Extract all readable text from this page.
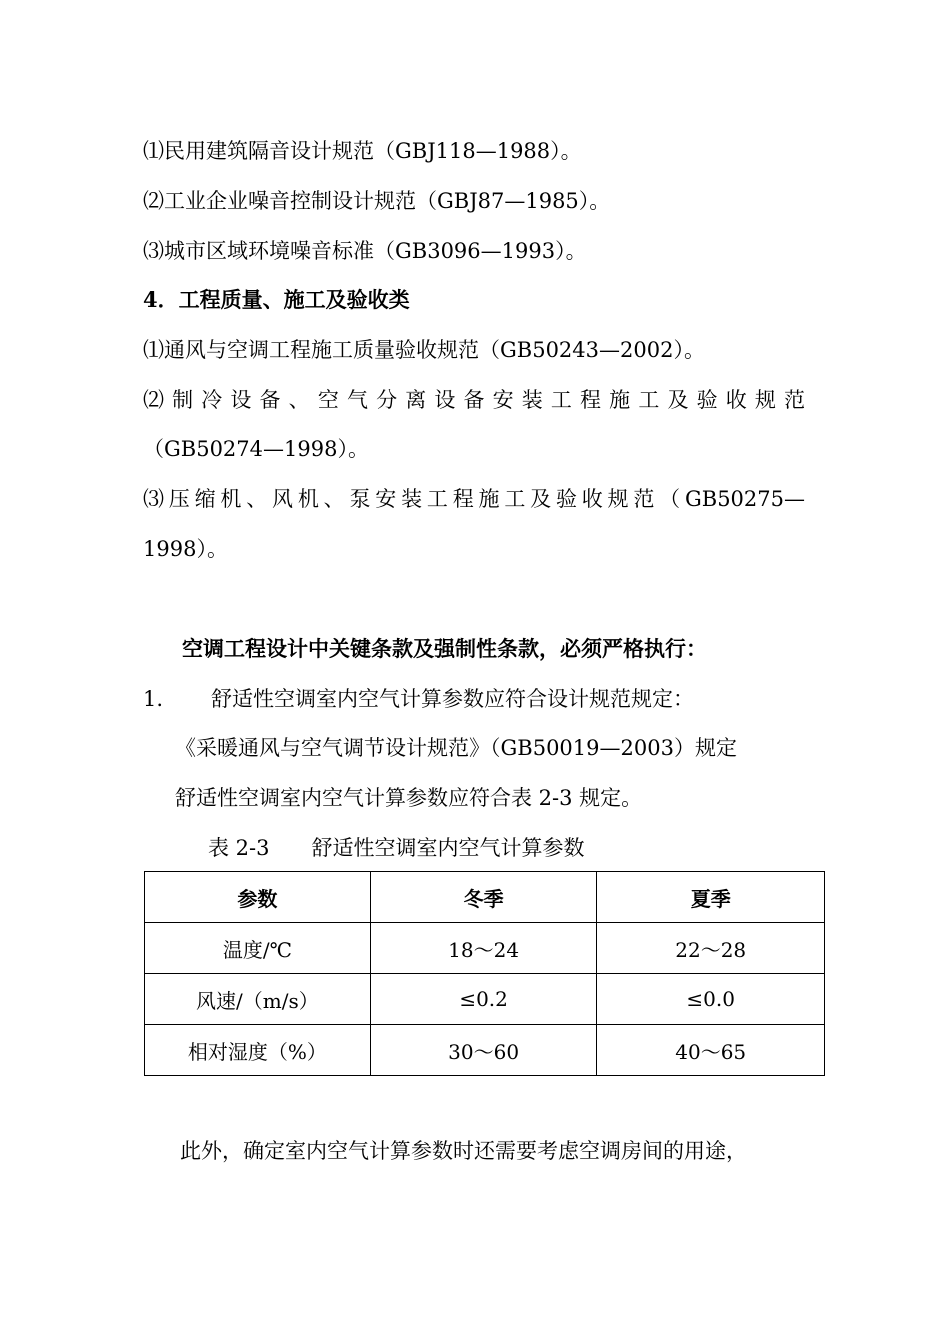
⑴民用建筑隔音设计规范（GBJ118—1988）。

⑵工业企业噪音控制设计规范（GBJ87—1985）。

⑶城市区域环境噪音标准（GB3096—1993）。

4．工程质量、施工及验收类

⑴通风与空调工程施工质量验收规范（GB50243—2002）。

⑵制冷设备、空气分离设备安装工程施工及验收规范

（GB50274—1998）。

⑶压缩机、风机、泵安装工程施工及验收规范（GB50275—

1998）。

空调工程设计中关键条款及强制性条款，必须严格执行：

1. 舒适性空调室内空气计算参数应符合设计规范规定：

《采暖通风与空气调节设计规范》（GB50019—2003）规定

舒适性空调室内空气计算参数应符合表 2-3 规定。

表 2-3　　舒适性空调室内空气计算参数

参数	冬季	夏季
温度/℃	18～24	22～28
风速/（m/s）	≤0.2	≤0.0
相对湿度（%）	30～60	40～65

此外，确定室内空气计算参数时还需要考虑空调房间的用途，
